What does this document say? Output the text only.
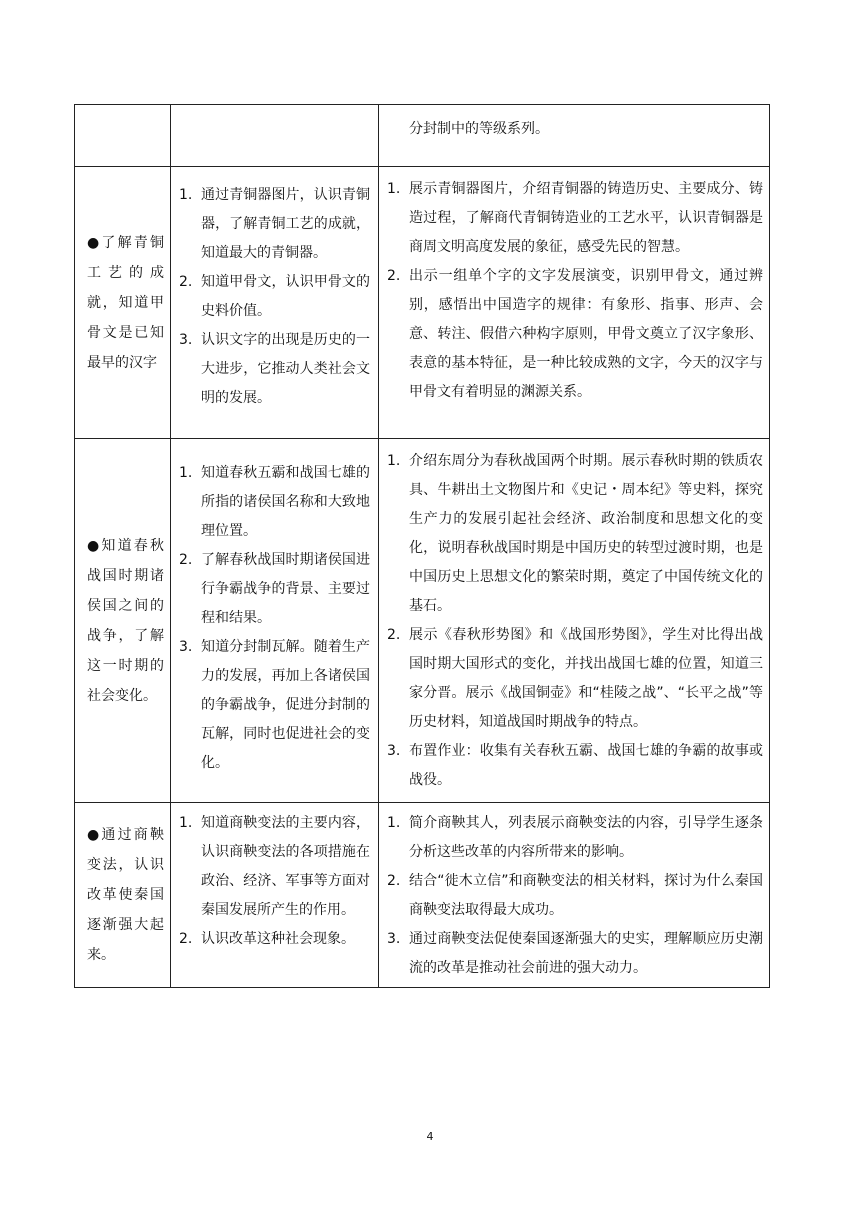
分封制中的等级系列。
●了解青铜工艺的成就，知道甲骨文是已知最早的汉字
1. 通过青铜器图片，认识青铜器，了解青铜工艺的成就，知道最大的青铜器。
2. 知道甲骨文，认识甲骨文的史料价值。
3. 认识文字的出现是历史的一大进步，它推动人类社会文明的发展。
1. 展示青铜器图片，介绍青铜器的铸造历史、主要成分、铸造过程，了解商代青铜铸造业的工艺水平，认识青铜器是商周文明高度发展的象征，感受先民的智慧。
2. 出示一组单个字的文字发展演变，识别甲骨文，通过辨别，感悟出中国造字的规律：有象形、指事、形声、会意、转注、假借六种构字原则，甲骨文奠立了汉字象形、表意的基本特征，是一种比较成熟的文字，今天的汉字与甲骨文有着明显的渊源关系。
●知道春秋战国时期诸侯国之间的战争，了解这一时期的社会变化。
1. 知道春秋五霸和战国七雄的所指的诸侯国名称和大致地理位置。
2. 了解春秋战国时期诸侯国进行争霸战争的背景、主要过程和结果。
3. 知道分封制瓦解。随着生产力的发展，再加上各诸侯国的争霸战争，促进分封制的瓦解，同时也促进社会的变化。
1. 介绍东周分为春秋战国两个时期。展示春秋时期的铁质农具、牛耕出土文物图片和《史记・周本纪》等史料，探究生产力的发展引起社会经济、政治制度和思想文化的变化，说明春秋战国时期是中国历史的转型过渡时期，也是中国历史上思想文化的繁荣时期，奠定了中国传统文化的基石。
2. 展示《春秋形势图》和《战国形势图》，学生对比得出战国时期大国形式的变化，并找出战国七雄的位置，知道三家分晋。展示《战国铜壶》和“桂陵之战”、“长平之战”等历史材料，知道战国时期战争的特点。
3. 布置作业：收集有关春秋五霸、战国七雄的争霸的故事或战役。
●通过商鞅变法，认识改革使秦国逐渐强大起来。
1. 知道商鞅变法的主要内容，认识商鞅变法的各项措施在政治、经济、军事等方面对秦国发展所产生的作用。
2. 认识改革这种社会现象。
1. 简介商鞅其人，列表展示商鞅变法的内容，引导学生逐条分析这些改革的内容所带来的影响。
2. 结合“徙木立信”和商鞅变法的相关材料，探讨为什么秦国商鞅变法取得最大成功。
3. 通过商鞅变法促使秦国逐渐强大的史实，理解顺应历史潮流的改革是推动社会前进的强大动力。
4
